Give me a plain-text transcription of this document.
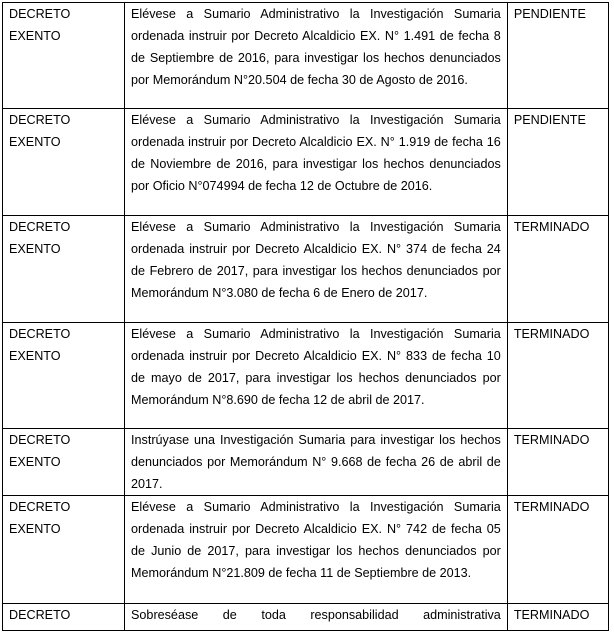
DECRETO
EXENTO	Elévese a Sumario Administrativo la Investigación Sumaria ordenada instruir por Decreto Alcaldicio EX. N° 1.491 de fecha 8 de Septiembre de 2016, para investigar los hechos denunciados por Memorándum N°20.504 de fecha 30 de Agosto de 2016.	PENDIENTE

DECRETO
EXENTO	Elévese a Sumario Administrativo la Investigación Sumaria ordenada instruir por Decreto Alcaldicio EX. N° 1.919 de fecha 16 de Noviembre de 2016, para investigar los hechos denunciados por Oficio N°074994 de fecha 12 de Octubre de 2016.	PENDIENTE

DECRETO
EXENTO	Elévese a Sumario Administrativo la Investigación Sumaria ordenada instruir por Decreto Alcaldicio EX. N° 374 de fecha 24 de Febrero de 2017, para investigar los hechos denunciados por Memorándum N°3.080 de fecha 6 de Enero de 2017.	TERMINADO

DECRETO
EXENTO	Elévese a Sumario Administrativo la Investigación Sumaria ordenada instruir por Decreto Alcaldicio EX. N° 833 de fecha 10 de mayo de 2017, para investigar los hechos denunciados por Memorándum N°8.690 de fecha 12 de abril de 2017.	TERMINADO

DECRETO
EXENTO	Instrúyase una Investigación Sumaria para investigar los hechos denunciados por Memorándum N° 9.668 de fecha 26 de abril de 2017.	TERMINADO

DECRETO
EXENTO	Elévese a Sumario Administrativo la Investigación Sumaria ordenada instruir por Decreto Alcaldicio EX. N° 742 de fecha 05 de Junio de 2017, para investigar los hechos denunciados por Memorándum N°21.809 de fecha 11 de Septiembre de 2013.	TERMINADO

DECRETO	Sobreséase de toda responsabilidad administrativa	TERMINADO
